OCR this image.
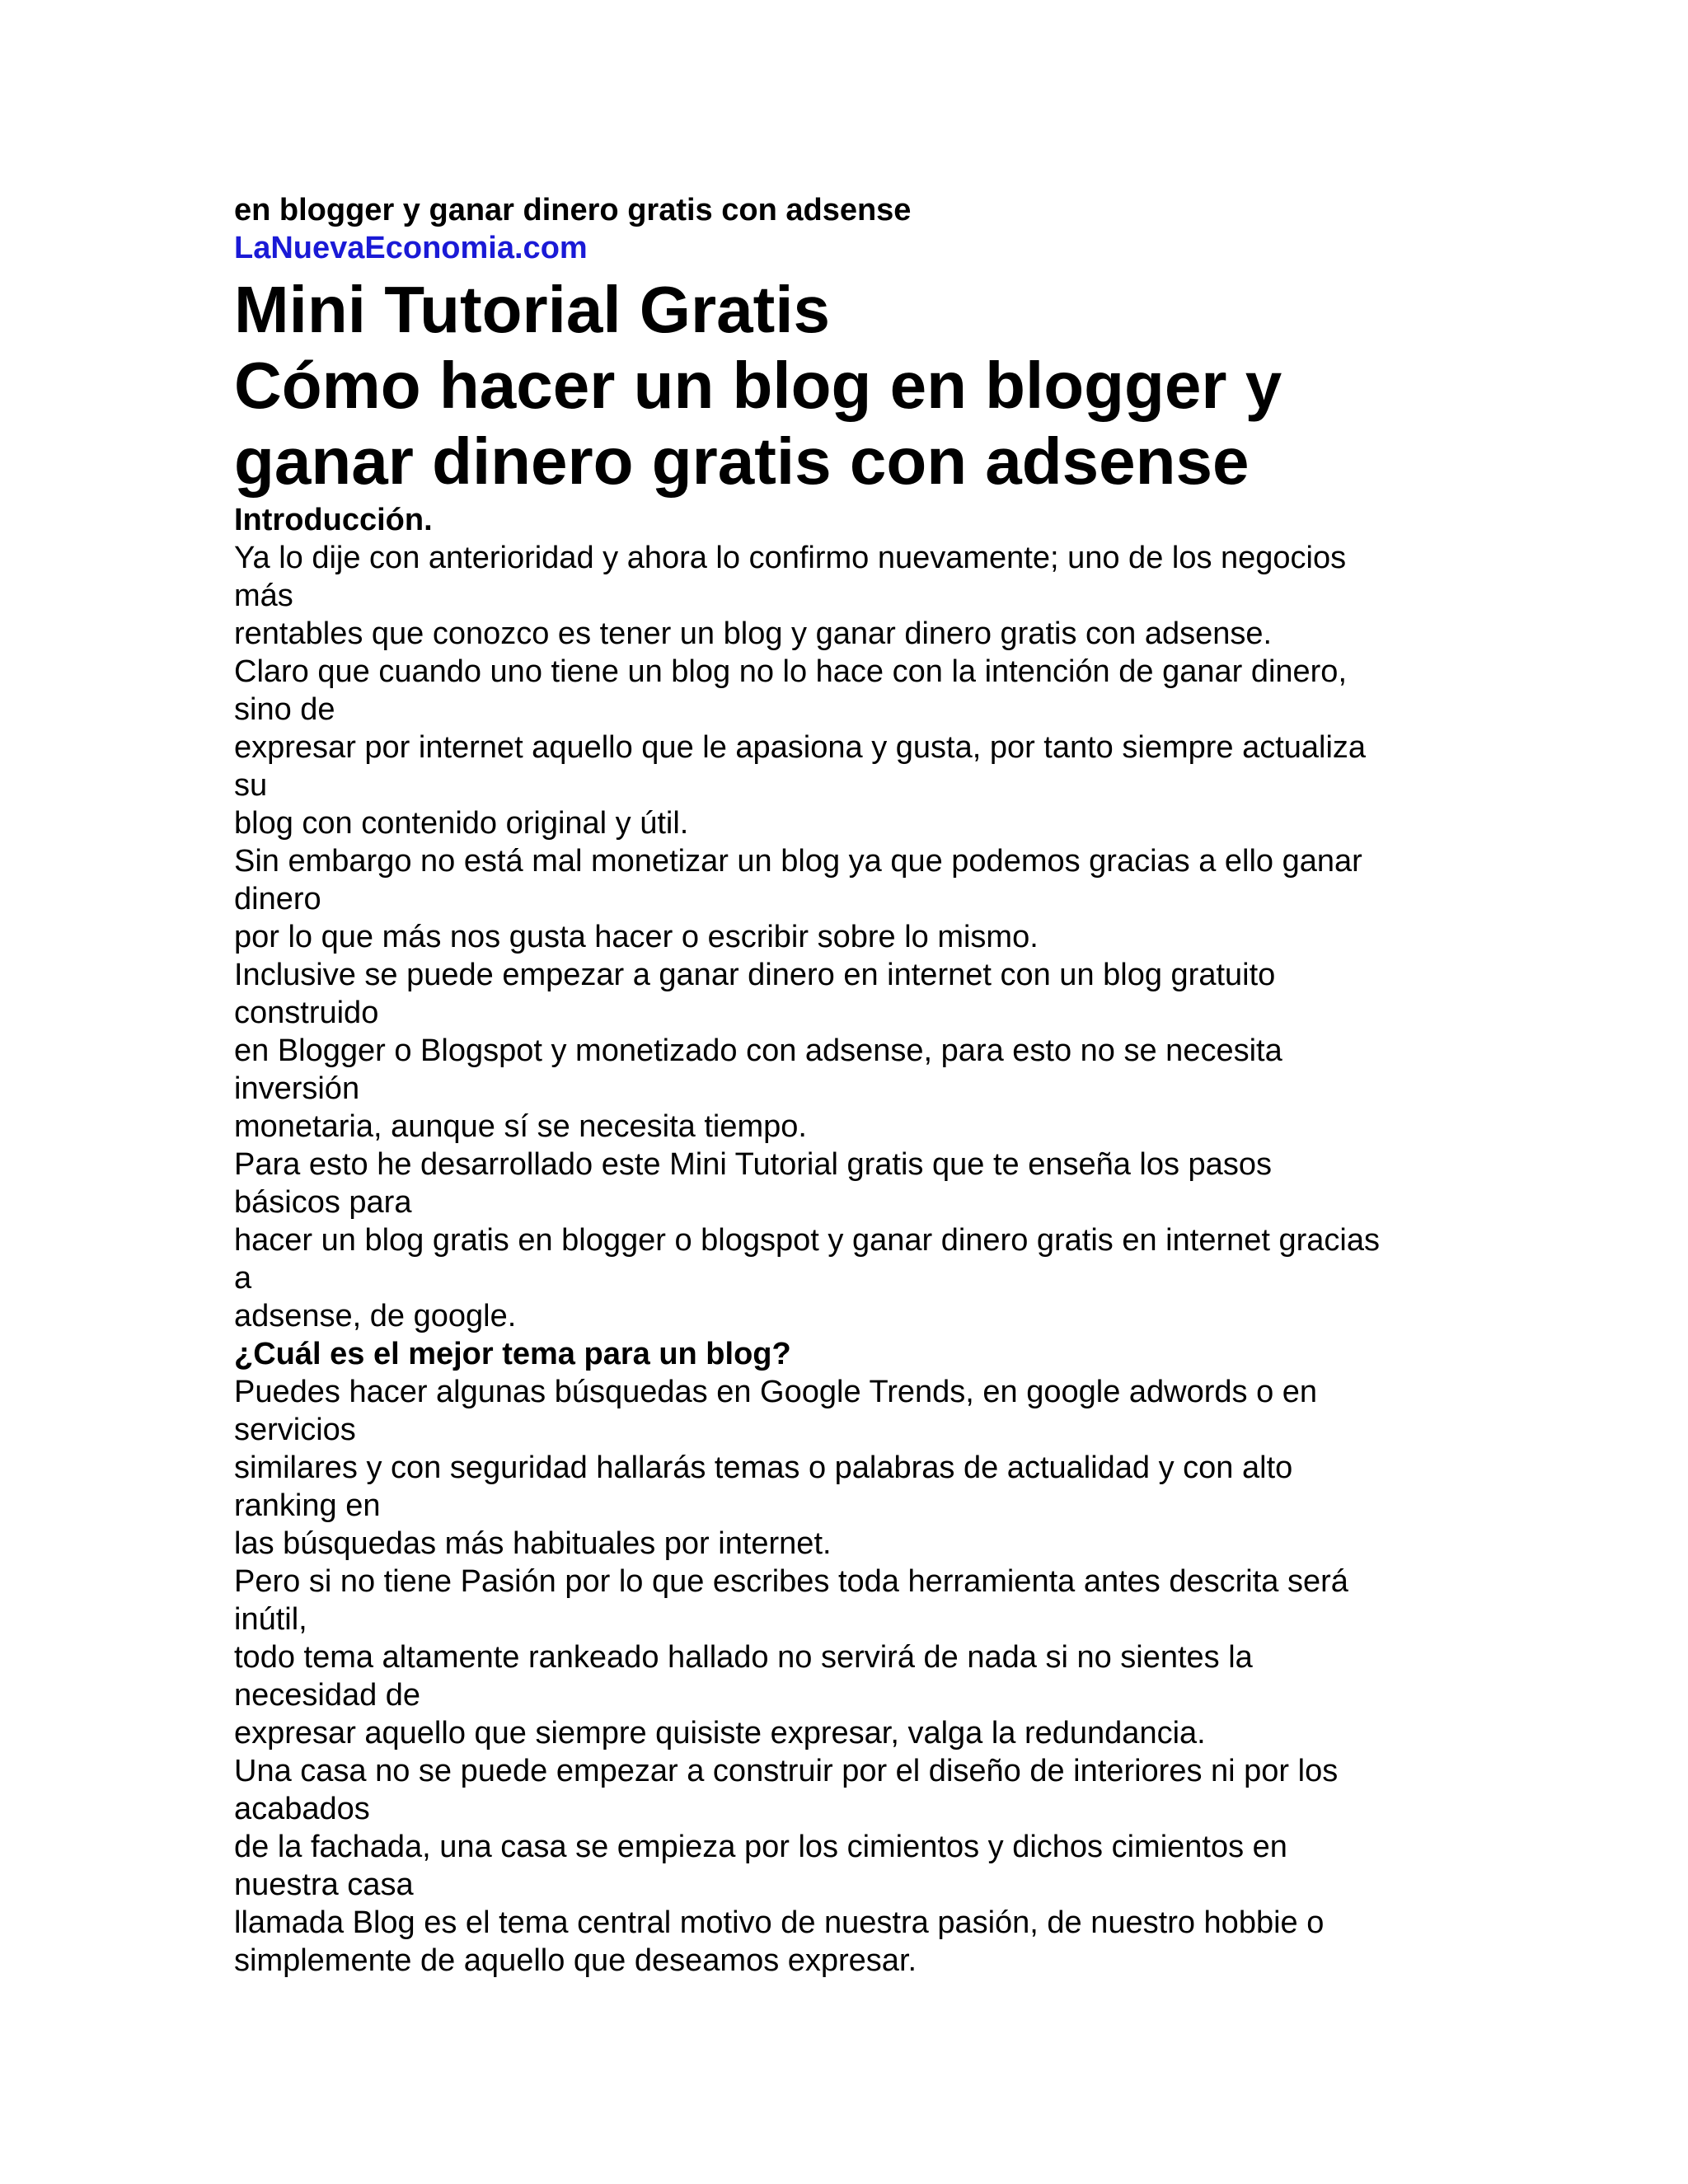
en blogger y ganar dinero gratis con adsense
LaNuevaEconomia.com
Mini Tutorial Gratis
Cómo hacer un blog en blogger y
ganar dinero gratis con adsense
Introducción.
Ya lo dije con anterioridad y ahora lo confirmo nuevamente; uno de los negocios
más
rentables que conozco es tener un blog y ganar dinero gratis con adsense.
Claro que cuando uno tiene un blog no lo hace con la intención de ganar dinero,
sino de
expresar por internet aquello que le apasiona y gusta, por tanto siempre actualiza
su
blog con contenido original y útil.
Sin embargo no está mal monetizar un blog ya que podemos gracias a ello ganar
dinero
por lo que más nos gusta hacer o escribir sobre lo mismo.
Inclusive se puede empezar a ganar dinero en internet con un blog gratuito
construido
en Blogger o Blogspot y monetizado con adsense, para esto no se necesita
inversión
monetaria, aunque sí se necesita tiempo.
Para esto he desarrollado este Mini Tutorial gratis que te enseña los pasos
básicos para
hacer un blog gratis en blogger o blogspot y ganar dinero gratis en internet gracias
a
adsense, de google.
¿Cuál es el mejor tema para un blog?
Puedes hacer algunas búsquedas en Google Trends, en google adwords o en
servicios
similares y con seguridad hallarás temas o palabras de actualidad y con alto
ranking en
las búsquedas más habituales por internet.
Pero si no tiene Pasión por lo que escribes toda herramienta antes descrita será
inútil,
todo tema altamente rankeado hallado no servirá de nada si no sientes la
necesidad de
expresar aquello que siempre quisiste expresar, valga la redundancia.
Una casa no se puede empezar a construir por el diseño de interiores ni por los
acabados
de la fachada, una casa se empieza por los cimientos y dichos cimientos en
nuestra casa
llamada Blog es el tema central motivo de nuestra pasión, de nuestro hobbie o
simplemente de aquello que deseamos expresar.
